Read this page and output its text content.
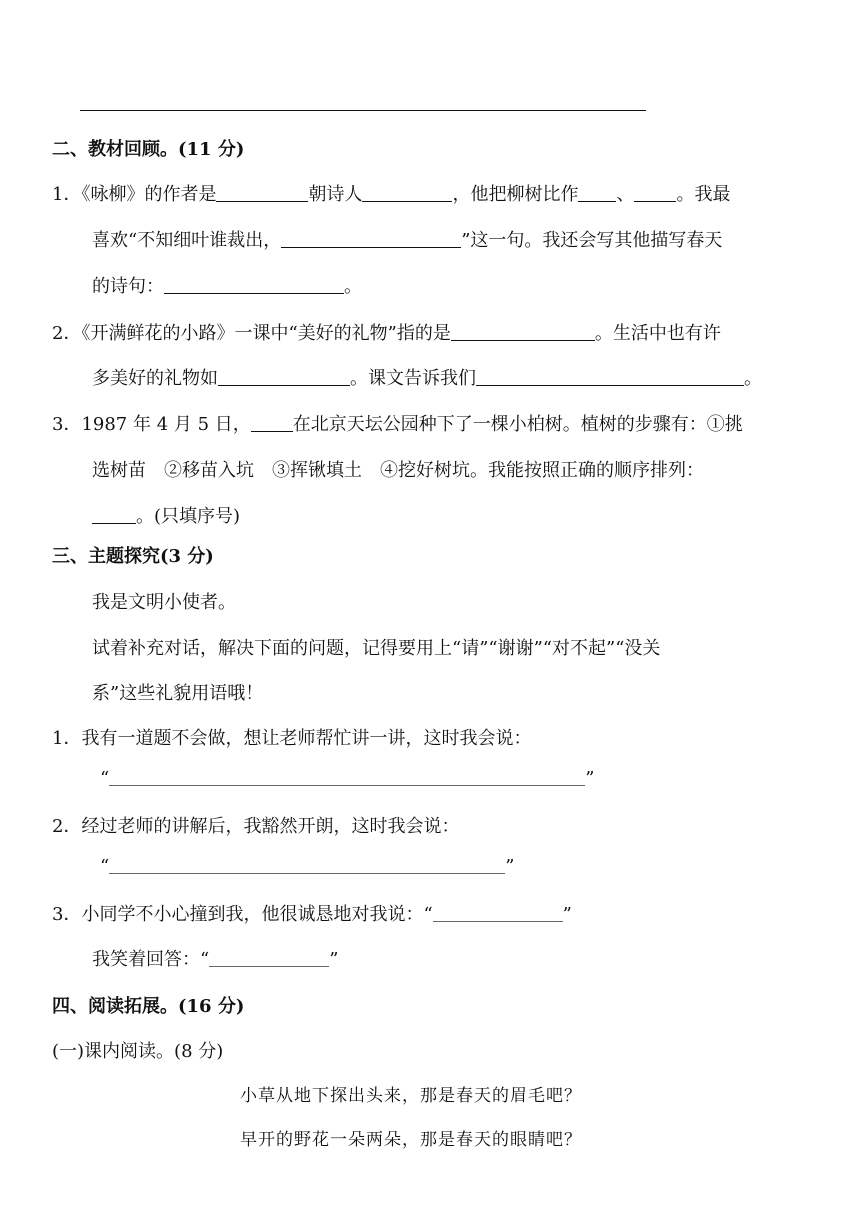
二、教材回顾。(11 分)
1．《咏柳》的作者是	朝诗人	，他把柳树比作 、 。我最
喜欢“不知细叶谁裁出，	”这一句。我还会写其他描写春天
的诗句：	。
2．《开满鲜花的小路》一课中“美好的礼物”指的是	。生活中也有许
多美好的礼物如	。课文告诉我们	。
3．1987 年 4 月 5 日， 在北京天坛公园种下了一棵小柏树。植树的步骤有：①挑
选树苗　②移苗入坑　③挥锹填土　④挖好树坑。我能按照正确的顺序排列：
。(只填序号)
三、主题探究(3 分)
我是文明小使者。
试着补充对话，解决下面的问题，记得要用上“请”“谢谢”“对不起”“没关
系”这些礼貌用语哦！
1．我有一道题不会做，想让老师帮忙讲一讲，这时我会说：
“	”
2．经过老师的讲解后，我豁然开朗，这时我会说：
“	”
3．小同学不小心撞到我，他很诚恳地对我说：“	”
我笑着回答：“	”
四、阅读拓展。(16 分)
(一)课内阅读。(8 分)
小草从地下探出头来，那是春天的眉毛吧？
早开的野花一朵两朵，那是春天的眼睛吧？
